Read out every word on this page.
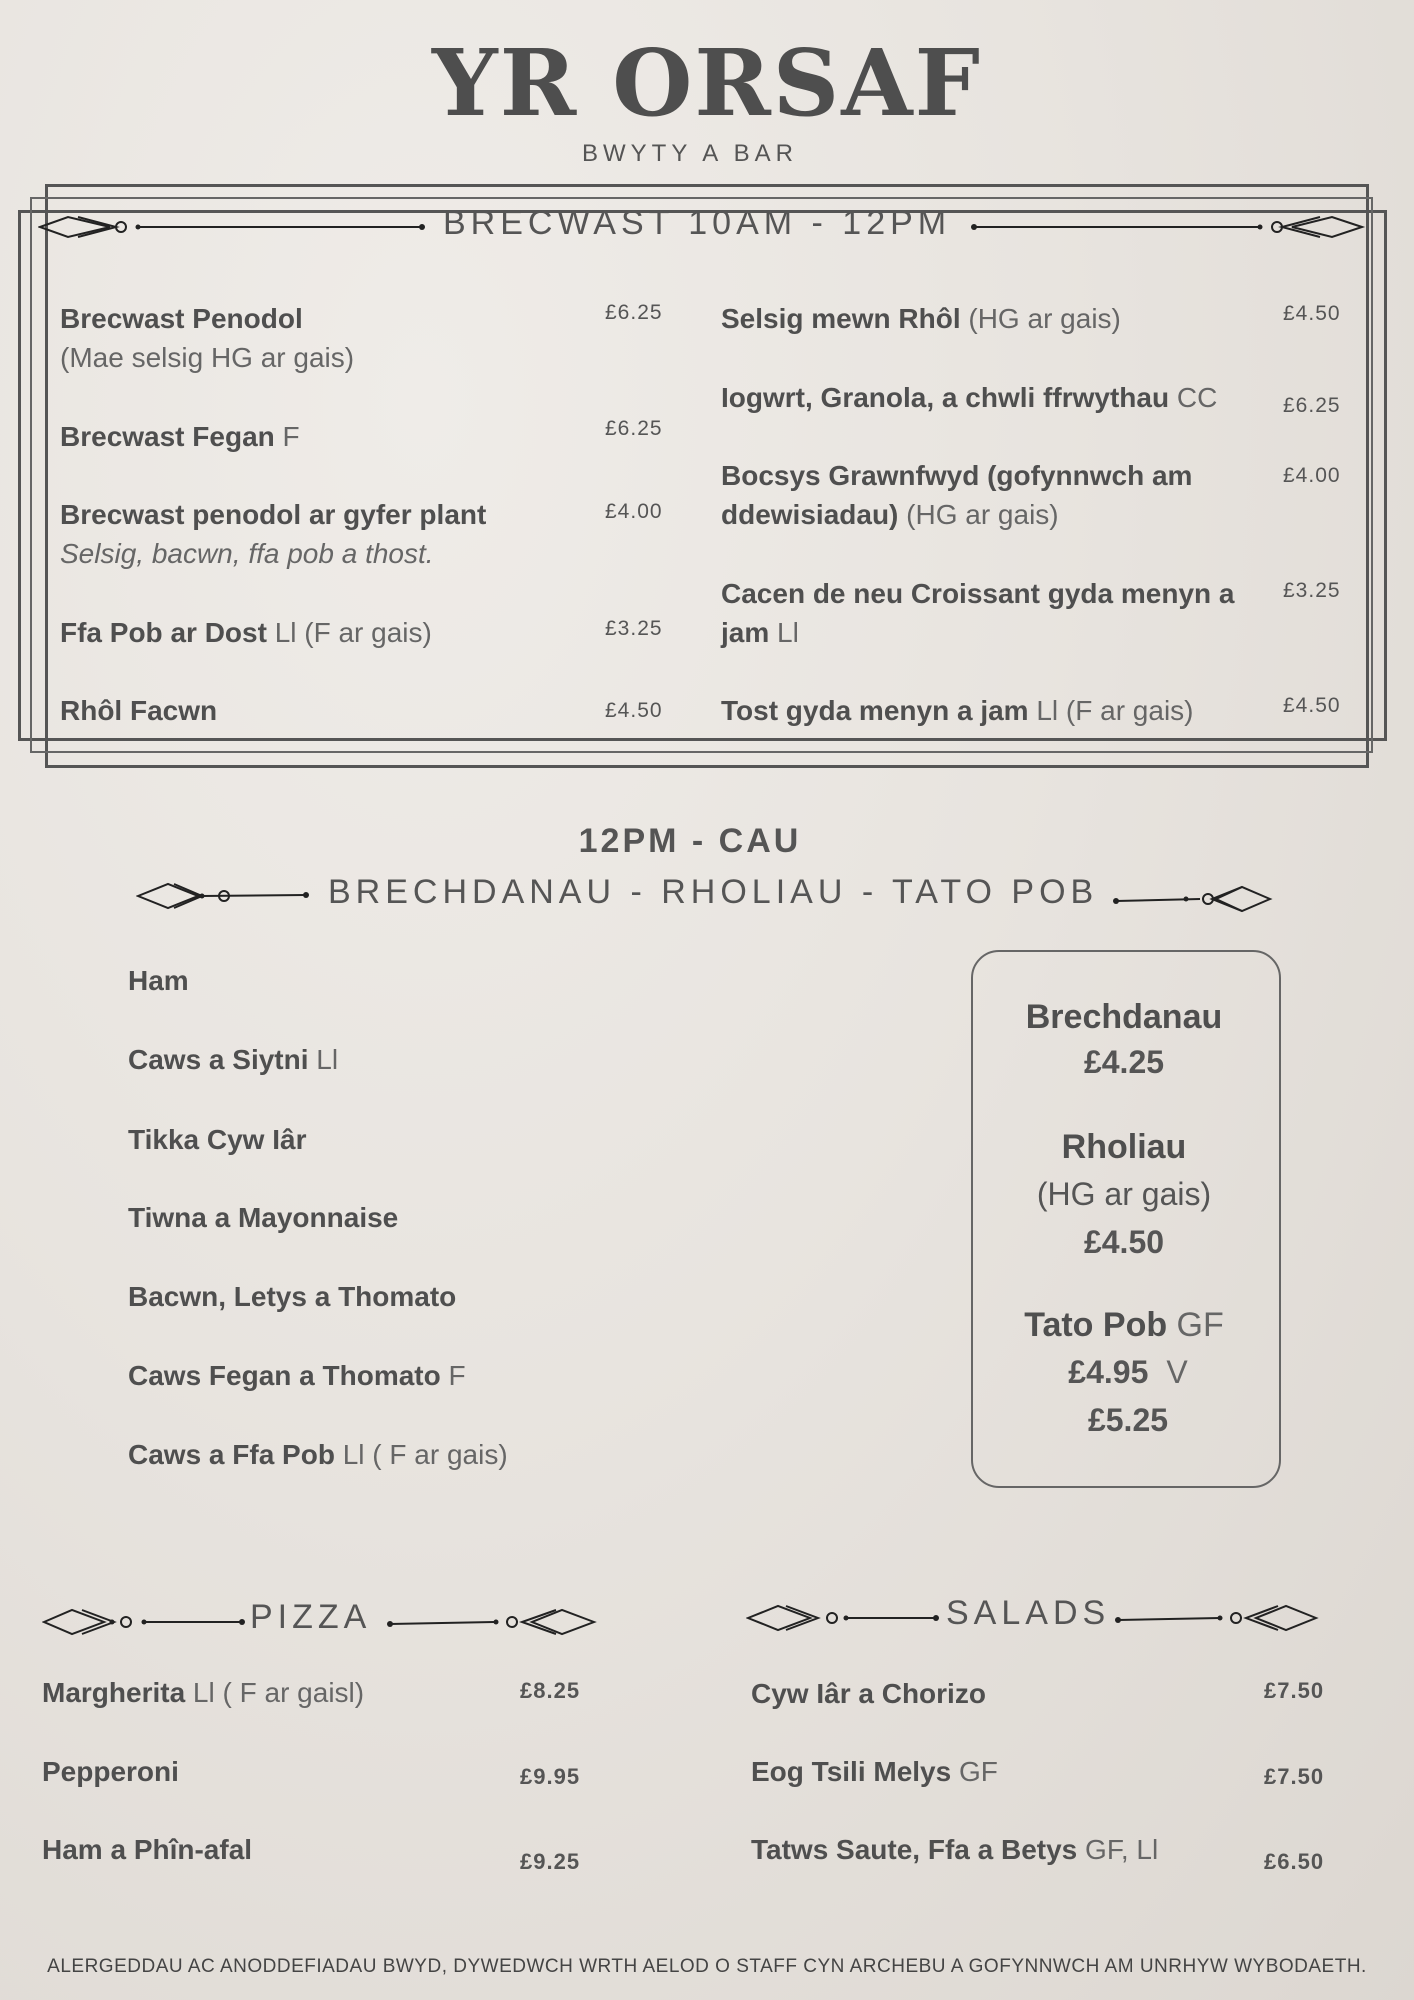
YR ORSAF
BWYTY A BAR
BRECWAST 10AM - 12PM
Brecwast Penodol
(Mae selsig HG ar gais)
£6.25
Brecwast Fegan F	£6.25
Brecwast penodol ar gyfer plant
Selsig, bacwn, ffa pob a thost.
£4.00
Ffa Pob ar Dost Ll (F ar gais)	£3.25
Rhôl Facwn	£4.50
Selsig mewn Rhôl (HG ar gais)	£4.50
Iogwrt, Granola, a chwli ffrwythau CC	£6.25
Bocsys Grawnfwyd (gofynnwch am ddewisiadau) (HG ar gais)
£4.00
Cacen de neu Croissant gyda menyn a jam Ll
£3.25
Tost gyda menyn a jam Ll (F ar gais)	£4.50
12PM - CAU
BRECHDANAU - RHOLIAU - TATO POB
Ham
Caws a Siytni Ll
Tikka Cyw Iâr
Tiwna a Mayonnaise
Bacwn, Letys a Thomato
Caws Fegan a Thomato F
Caws a Ffa Pob Ll ( F ar gais)
Brechdanau
£4.25
Rholiau
(HG ar gais)
£4.50
Tato Pob GF
£4.95 V
£5.25
PIZZA
Margherita Ll ( F ar gaisl)	£8.25
Pepperoni	£9.95
Ham a Phîn-afal	£9.25
SALADS
Cyw Iâr a Chorizo	£7.50
Eog Tsili Melys GF	£7.50
Tatws Saute, Ffa a Betys GF, Ll	£6.50
ALERGEDDAU AC ANODDEFIADAU BWYD, DYWEDWCH WRTH AELOD O STAFF CYN ARCHEBU A GOFYNNWCH AM UNRHYW WYBODAETH.
